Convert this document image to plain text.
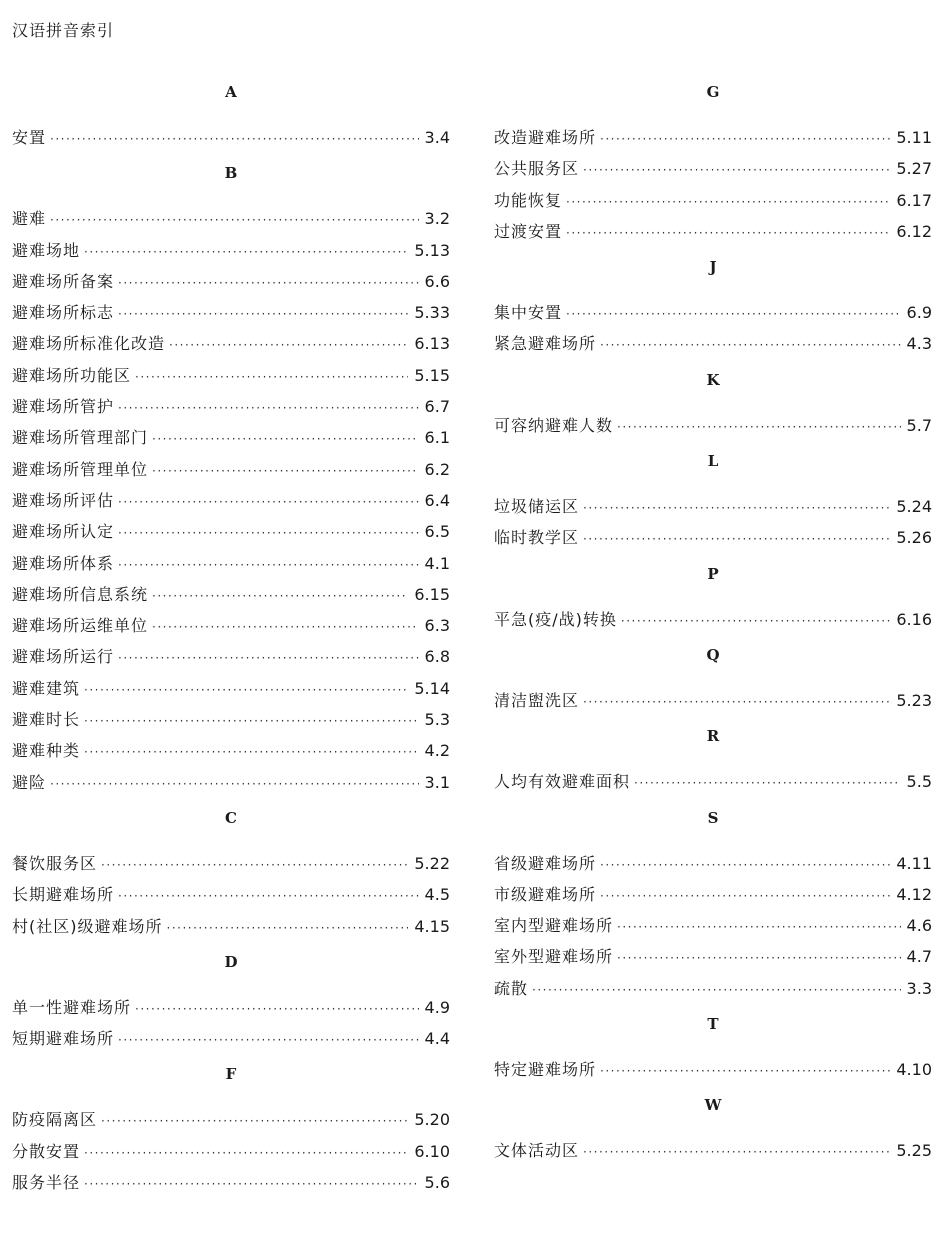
汉语拼音索引
A
安置 ·····	3.4
B
避难 ·····	3.2
避难场地 ·····	5.13
避难场所备案 ·····	6.6
避难场所标志 ·····	5.33
避难场所标准化改造 ·····	6.13
避难场所功能区 ·····	5.15
避难场所管护 ·····	6.7
避难场所管理部门 ·····	6.1
避难场所管理单位 ·····	6.2
避难场所评估 ·····	6.4
避难场所认定 ·····	6.5
避难场所体系 ·····	4.1
避难场所信息系统 ·····	6.15
避难场所运维单位 ·····	6.3
避难场所运行 ·····	6.8
避难建筑 ·····	5.14
避难时长 ·····	5.3
避难种类 ·····	4.2
避险 ·····	3.1
C
餐饮服务区 ·····	5.22
长期避难场所 ·····	4.5
村(社区)级避难场所 ·····	4.15
D
单一性避难场所 ·····	4.9
短期避难场所 ·····	4.4
F
防疫隔离区 ·····	5.20
分散安置 ·····	6.10
服务半径 ·····	5.6
G
改造避难场所 ·····	5.11
公共服务区 ·····	5.27
功能恢复 ·····	6.17
过渡安置 ·····	6.12
J
集中安置 ·····	6.9
紧急避难场所 ·····	4.3
K
可容纳避难人数 ·····	5.7
L
垃圾储运区 ·····	5.24
临时教学区 ·····	5.26
P
平急(疫/战)转换 ·····	6.16
Q
清洁盥洗区 ·····	5.23
R
人均有效避难面积 ·····	5.5
S
省级避难场所 ·····	4.11
市级避难场所 ·····	4.12
室内型避难场所 ·····	4.6
室外型避难场所 ·····	4.7
疏散 ·····	3.3
T
特定避难场所 ·····	4.10
W
文体活动区 ·····	5.25
